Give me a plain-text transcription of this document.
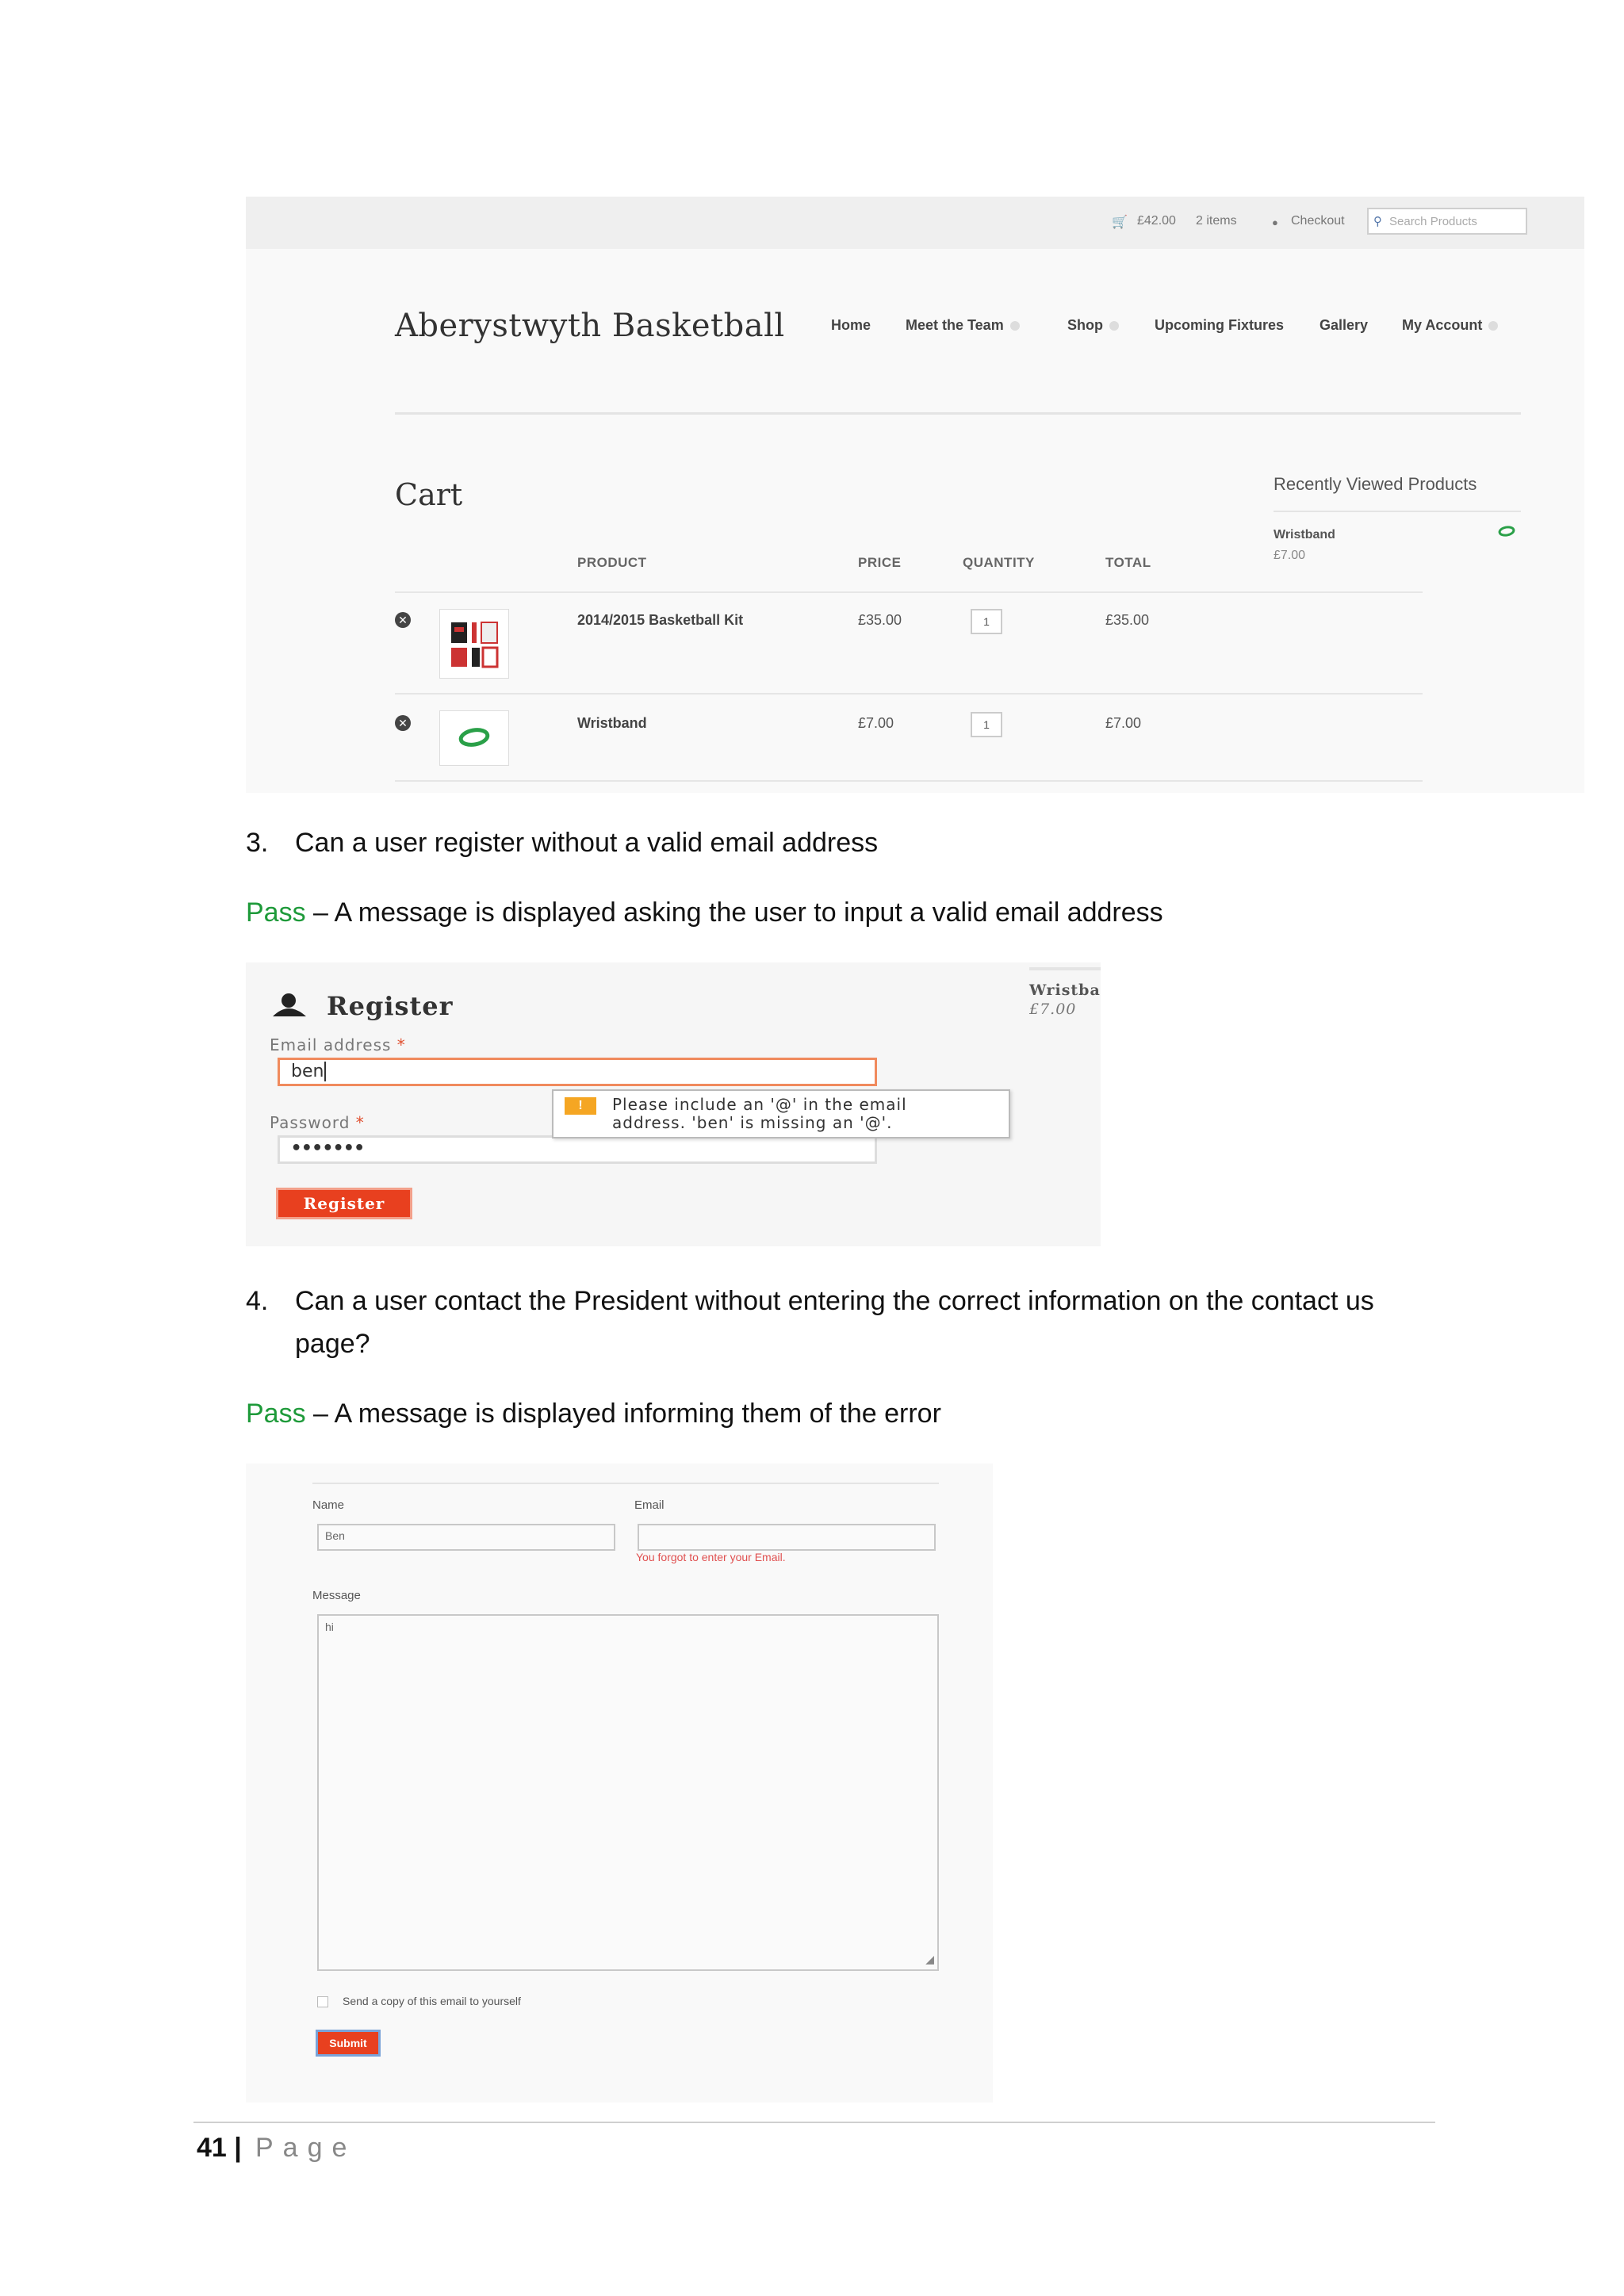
🛒 £42.00 2 items	● Checkout ⚲ Search Products
Aberystwyth Basketball	Home Meet the Team	Shop	Upcoming Fixtures Gallery My Account
Cart
PRODUCT	PRICE	QUANTITY	TOTAL
✕	2014/2015 Basketball Kit	£35.00	1	£35.00
✕	Wristband	£7.00	1	£7.00
Recently Viewed Products
Wristband
£7.00
3. Can a user register without a valid email address
Pass – A message is displayed asking the user to input a valid email address
Register
Email address *
ben
Password *
•••••••
Register
!	Please include an '@' in the email
address. 'ben' is missing an '@'.
Wristba
£7.00
4. Can a user contact the President without entering the correct information on the contact us
page?
Pass – A message is displayed informing them of the error
Name
Ben
Email
You forgot to enter your Email.
Message
hi
◢
Send a copy of this email to yourself
Submit
41 | Page
